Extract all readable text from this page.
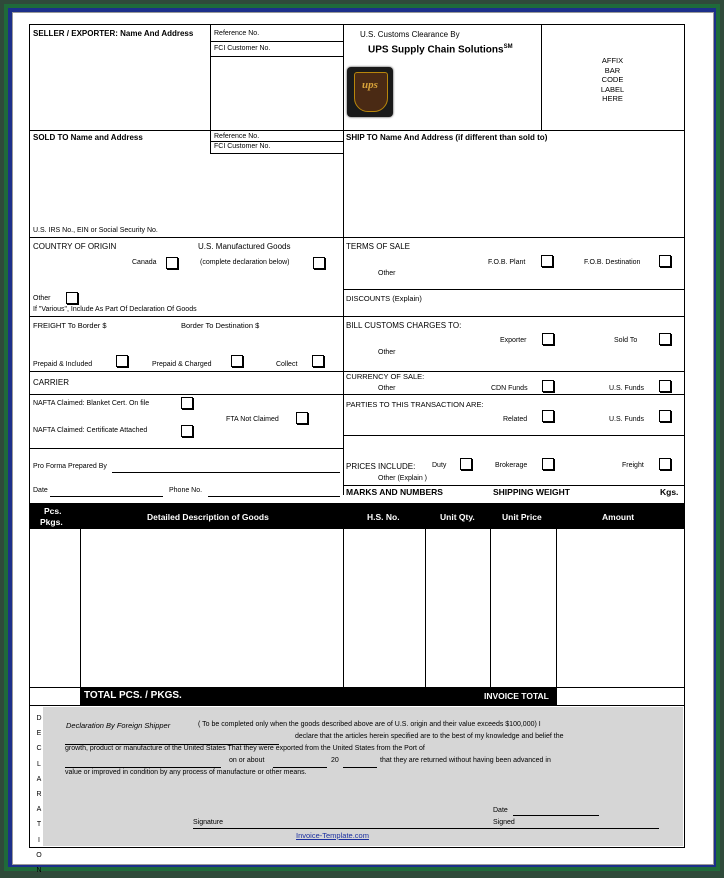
SELLER / EXPORTER: Name And Address	Reference No.
FCI Customer No.
U.S. Customs Clearance By
UPS Supply Chain Solutions℠
ups
AFFIX
BAR
CODE
LABEL
HERE
SOLD TO Name and Address	Reference No.
FCI Customer No.
U.S. IRS No., EIN or Social Security No.
SHIP TO Name And Address (if different than sold to)
COUNTRY OF ORIGIN	U.S. Manufactured Goods
Canada	(complete declaration below)
Other
If "Various", Include As Part Of Declaration Of Goods
TERMS OF SALE
F.O.B. Plant	F.O.B. Destination
Other
DISCOUNTS (Explain)
FREIGHT To Border $	Border To Destination $
Prepaid & Included	Prepaid & Charged	Collect
BILL CUSTOMS CHARGES TO:
Exporter	Sold To
Other
CARRIER
CURRENCY OF SALE:
Other	CDN Funds	U.S. Funds
NAFTA Claimed: Blanket Cert. On file
FTA Not Claimed
NAFTA Claimed: Certificate Attached
PARTIES TO THIS TRANSACTION ARE:
Related	U.S. Funds
Pro Forma Prepared By
Date	Phone No.
PRICES INCLUDE: Duty	Brokerage	Freight
Other (Explain )
MARKS AND NUMBERS	SHIPPING WEIGHT	Kgs.
Pcs.
Pkgs.	Detailed Description of Goods	H.S. No.	Unit Qty.	Unit Price	Amount
TOTAL PCS. / PKGS.	INVOICE TOTAL
D
E
C
L
A
R
A
T
I
O
N
Declaration By Foreign Shipper	( To be completed only when the goods described above are of U.S. origin and their value exceeds $100,000) I
declare that the articles herein specified are to the best of my knowledge and belief the
growth, product or manufacture of the United States That they were exported from the United States from the Port of
on or about	20	that they are returned without having been advanced in
value or improved in condition by any process of manufacture or other means.
Date
Signature	Signed
Invoice-Template.com
